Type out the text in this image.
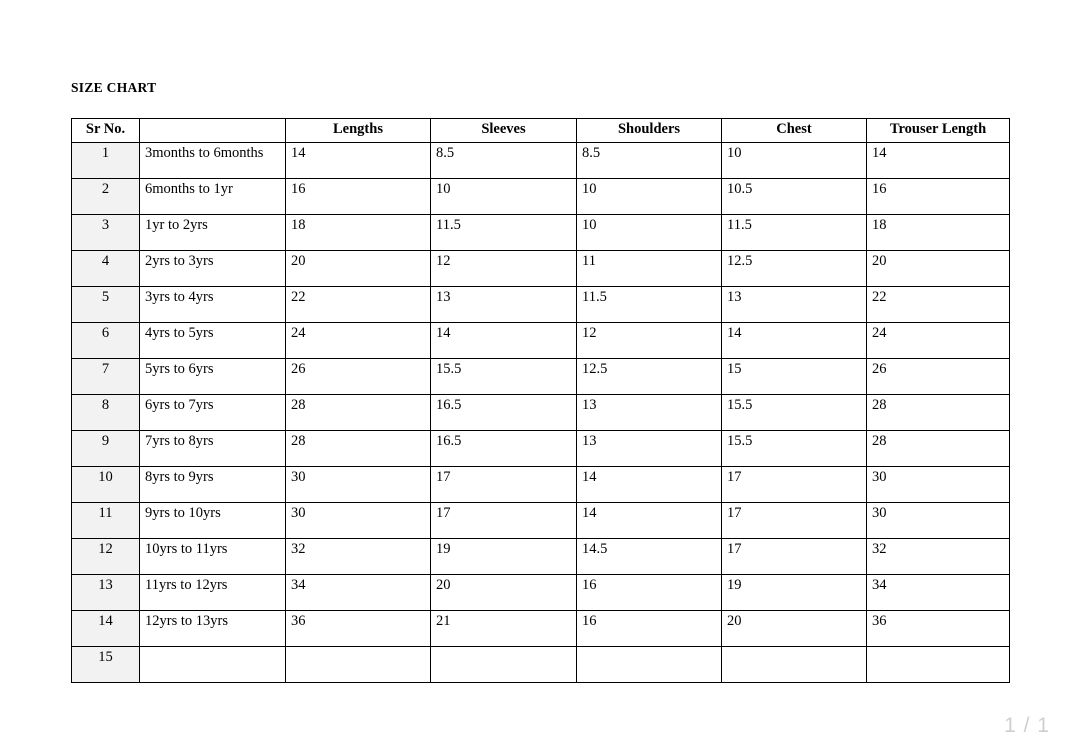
SIZE CHART
Sr No.		Lengths	Sleeves	Shoulders	Chest	Trouser Length
1	3months to 6months	14	8.5	8.5	10	14
2	6months to 1yr	16	10	10	10.5	16
3	1yr to 2yrs	18	11.5	10	11.5	18
4	2yrs to 3yrs	20	12	11	12.5	20
5	3yrs to 4yrs	22	13	11.5	13	22
6	4yrs to 5yrs	24	14	12	14	24
7	5yrs to 6yrs	26	15.5	12.5	15	26
8	6yrs to 7yrs	28	16.5	13	15.5	28
9	7yrs to 8yrs	28	16.5	13	15.5	28
10	8yrs to 9yrs	30	17	14	17	30
11	9yrs to 10yrs	30	17	14	17	30
12	10yrs to 11yrs	32	19	14.5	17	32
13	11yrs to 12yrs	34	20	16	19	34
14	12yrs to 13yrs	36	21	16	20	36
15						
1 / 1
